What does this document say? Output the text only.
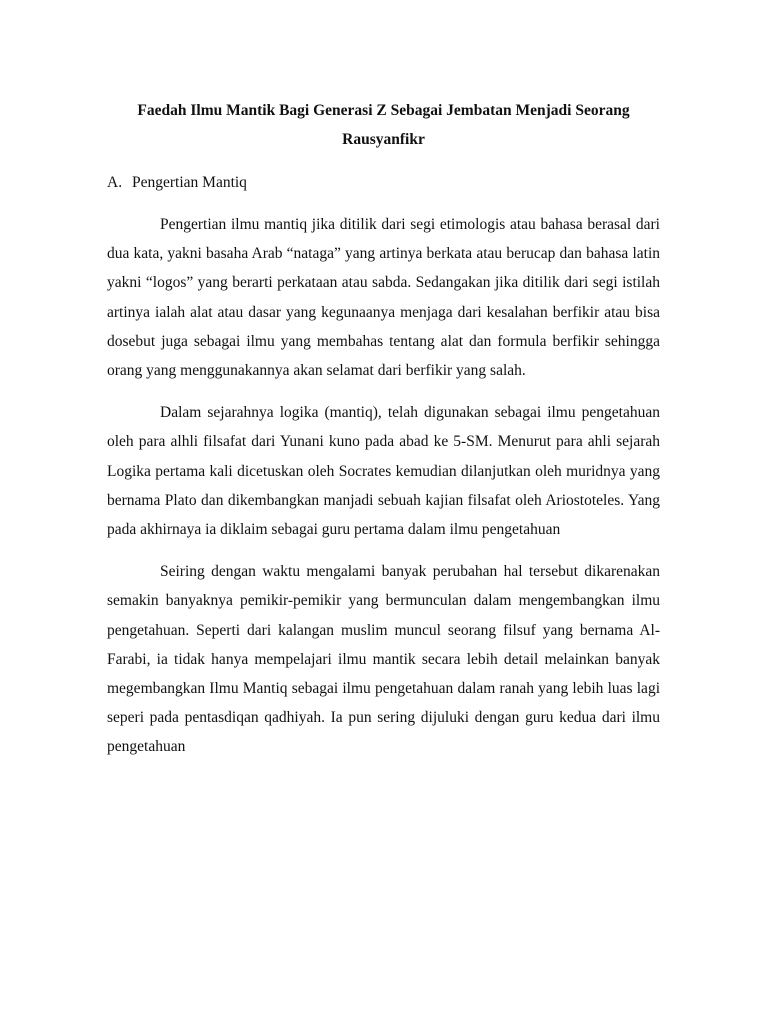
Faedah Ilmu Mantik Bagi Generasi Z Sebagai Jembatan Menjadi Seorang Rausyanfikr
A. Pengertian Mantiq

Pengertian ilmu mantiq jika ditilik dari segi etimologis atau bahasa berasal dari dua kata, yakni basaha Arab “nataga” yang artinya berkata atau berucap dan bahasa latin yakni “logos” yang berarti perkataan atau sabda. Sedangakan jika ditilik dari segi istilah artinya ialah alat atau dasar yang kegunaanya menjaga dari kesalahan berfikir atau bisa dosebut juga sebagai ilmu yang membahas tentang alat dan formula berfikir sehingga orang yang menggunakannya akan selamat dari berfikir yang salah.

Dalam sejarahnya logika (mantiq), telah digunakan sebagai ilmu pengetahuan oleh para alhli filsafat dari Yunani kuno pada abad ke 5-SM. Menurut para ahli sejarah Logika pertama kali dicetuskan oleh Socrates kemudian dilanjutkan oleh muridnya yang bernama Plato dan dikembangkan manjadi sebuah kajian filsafat oleh Ariostoteles. Yang pada akhirnaya ia diklaim sebagai guru pertama dalam ilmu pengetahuan

Seiring dengan waktu mengalami banyak perubahan hal tersebut dikarenakan semakin banyaknya pemikir-pemikir yang bermunculan dalam mengembangkan ilmu pengetahuan. Seperti dari kalangan muslim muncul seorang filsuf yang bernama Al-Farabi, ia tidak hanya mempelajari ilmu mantik secara lebih detail melainkan banyak megembangkan Ilmu Mantiq sebagai ilmu pengetahuan dalam ranah yang lebih luas lagi seperi pada pentasdiqan qadhiyah. Ia pun sering dijuluki dengan guru kedua dari ilmu pengetahuan
